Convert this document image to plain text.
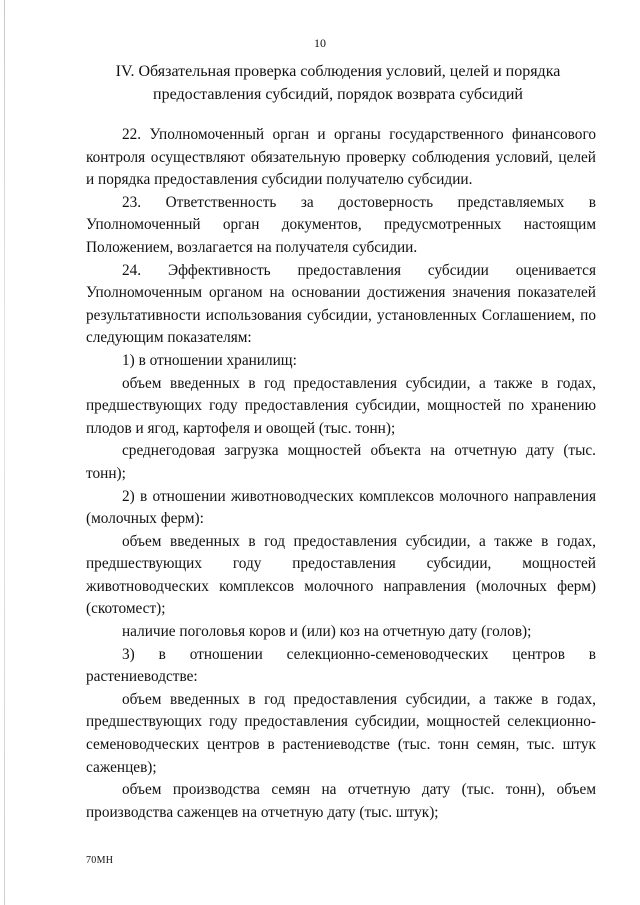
10
IV. Обязательная проверка соблюдения условий, целей и порядка предоставления субсидий, порядок возврата субсидий

22. Уполномоченный орган и органы государственного финансового контроля осуществляют обязательную проверку соблюдения условий, целей и порядка предоставления субсидии получателю субсидии.

23. Ответственность за достоверность представляемых в Уполномоченный орган документов, предусмотренных настоящим Положением, возлагается на получателя субсидии.

24. Эффективность предоставления субсидии оценивается Уполномоченным органом на основании достижения значения показателей результативности использования субсидии, установленных Соглашением, по следующим показателям:

1) в отношении хранилищ:

объем введенных в год предоставления субсидии, а также в годах, предшествующих году предоставления субсидии, мощностей по хранению плодов и ягод, картофеля и овощей (тыс. тонн);

среднегодовая загрузка мощностей объекта на отчетную дату (тыс. тонн);

2) в отношении животноводческих комплексов молочного направления (молочных ферм):

объем введенных в год предоставления субсидии, а также в годах, предшествующих году предоставления субсидии, мощностей животноводческих комплексов молочного направления (молочных ферм) (скотомест);

наличие поголовья коров и (или) коз на отчетную дату (голов);

3) в отношении селекционно-семеноводческих центров в растениеводстве:

объем введенных в год предоставления субсидии, а также в годах, предшествующих году предоставления субсидии, мощностей селекционно-семеноводческих центров в растениеводстве (тыс. тонн семян, тыс. штук саженцев);

объем производства семян на отчетную дату (тыс. тонн), объем производства саженцев на отчетную дату (тыс. штук);

70МН
